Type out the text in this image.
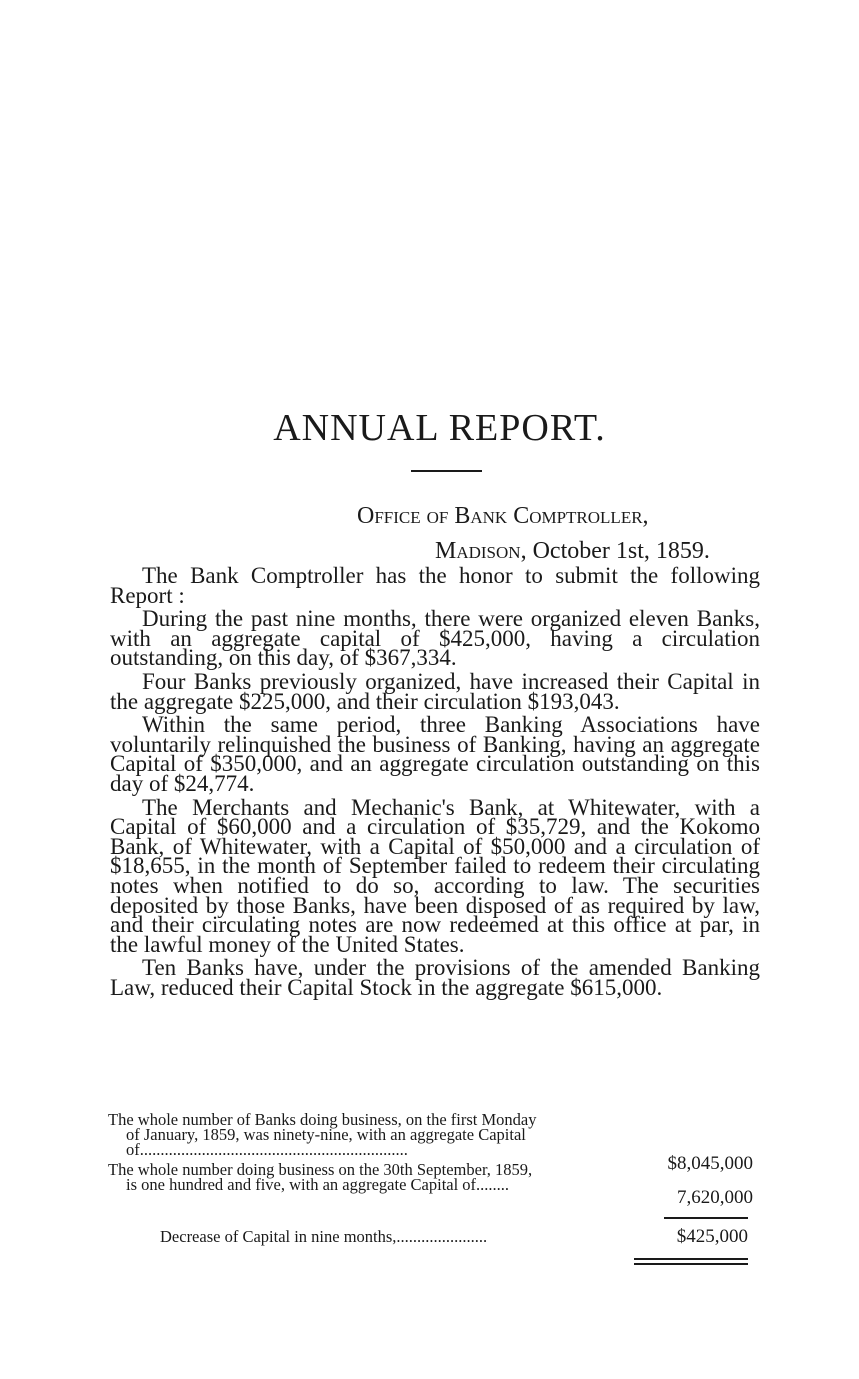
ANNUAL REPORT.
Office of Bank Comptroller,
Madison, October 1st, 1859.

The Bank Comptroller has the honor to submit the following Report :

During the past nine months, there were organized eleven Banks, with an aggregate capital of $425,000, having a circulation outstanding, on this day, of $367,334.

Four Banks previously organized, have increased their Capital in the aggregate $225,000, and their circulation $193,043.

Within the same period, three Banking Associations have voluntarily relinquished the business of Banking, having an aggregate Capital of $350,000, and an aggregate circulation outstanding on this day of $24,774.

The Merchants and Mechanic's Bank, at Whitewater, with a Capital of $60,000 and a circulation of $35,729, and the Kokomo Bank, of Whitewater, with a Capital of $50,000 and a circulation of $18,655, in the month of September failed to redeem their circulating notes when notified to do so, according to law. The securities deposited by those Banks, have been disposed of as required by law, and their circulating notes are now redeemed at this office at par, in the lawful money of the United States.

Ten Banks have, under the provisions of the amended Banking Law, reduced their Capital Stock in the aggregate $615,000.

The whole number of Banks doing business, on the first Monday
of January, 1859, was ninety-nine, with an aggregate Capital
of.................................................................
$8,045,000
The whole number doing business on the 30th September, 1859,
is one hundred and five, with an aggregate Capital of........
7,620,000
Decrease of Capital in nine months,......................	$425,000
